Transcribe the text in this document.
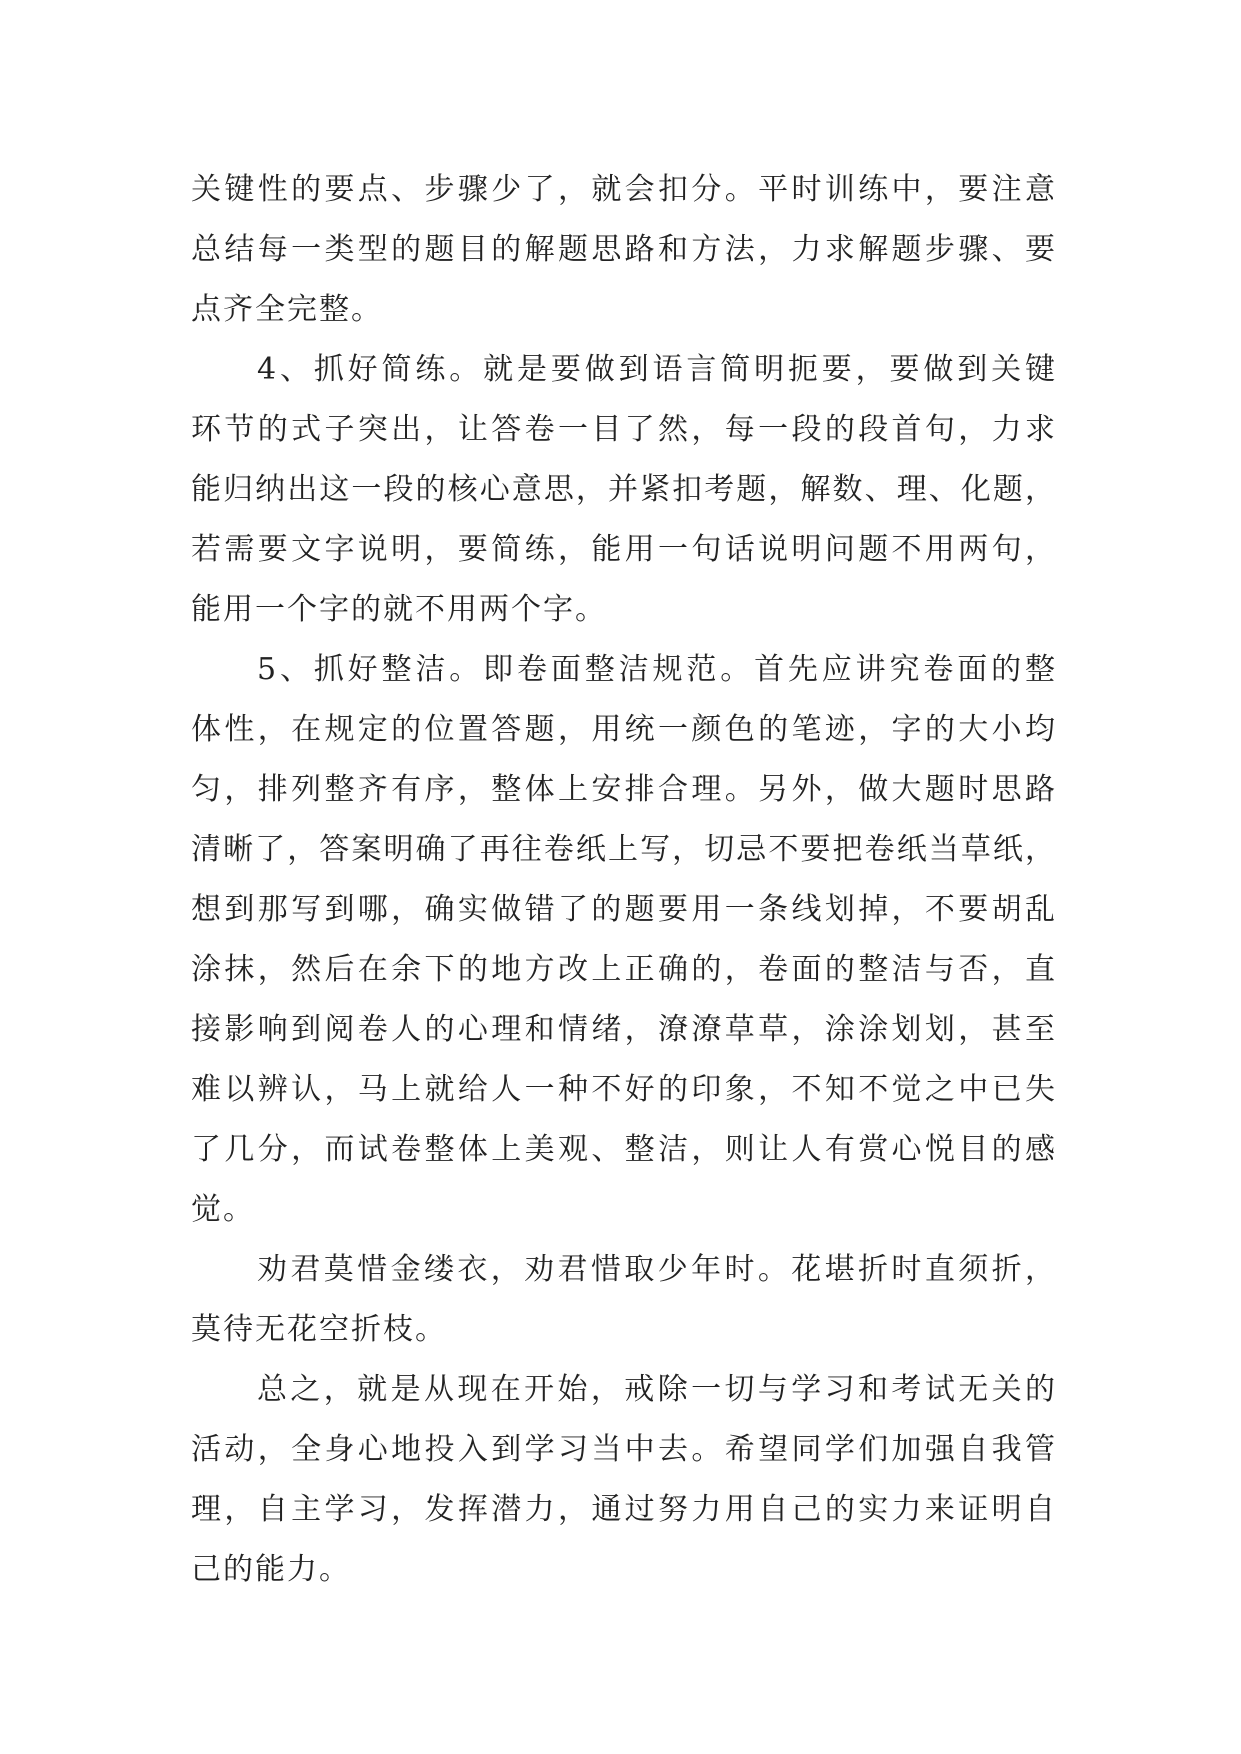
关键性的要点、步骤少了，就会扣分。平时训练中，要注意
总结每一类型的题目的解题思路和方法，力求解题步骤、要
点齐全完整。
4、抓好简练。就是要做到语言简明扼要，要做到关键
环节的式子突出，让答卷一目了然，每一段的段首句，力求
能归纳出这一段的核心意思，并紧扣考题，解数、理、化题，
若需要文字说明，要简练，能用一句话说明问题不用两句，
能用一个字的就不用两个字。
5、抓好整洁。即卷面整洁规范。首先应讲究卷面的整
体性，在规定的位置答题，用统一颜色的笔迹，字的大小均
匀，排列整齐有序，整体上安排合理。另外，做大题时思路
清晰了，答案明确了再往卷纸上写，切忌不要把卷纸当草纸，
想到那写到哪，确实做错了的题要用一条线划掉，不要胡乱
涂抹，然后在余下的地方改上正确的，卷面的整洁与否，直
接影响到阅卷人的心理和情绪，潦潦草草，涂涂划划，甚至
难以辨认，马上就给人一种不好的印象，不知不觉之中已失
了几分，而试卷整体上美观、整洁，则让人有赏心悦目的感
觉。
劝君莫惜金缕衣，劝君惜取少年时。花堪折时直须折，
莫待无花空折枝。
总之，就是从现在开始，戒除一切与学习和考试无关的
活动，全身心地投入到学习当中去。希望同学们加强自我管
理，自主学习，发挥潜力，通过努力用自己的实力来证明自
己的能力。
